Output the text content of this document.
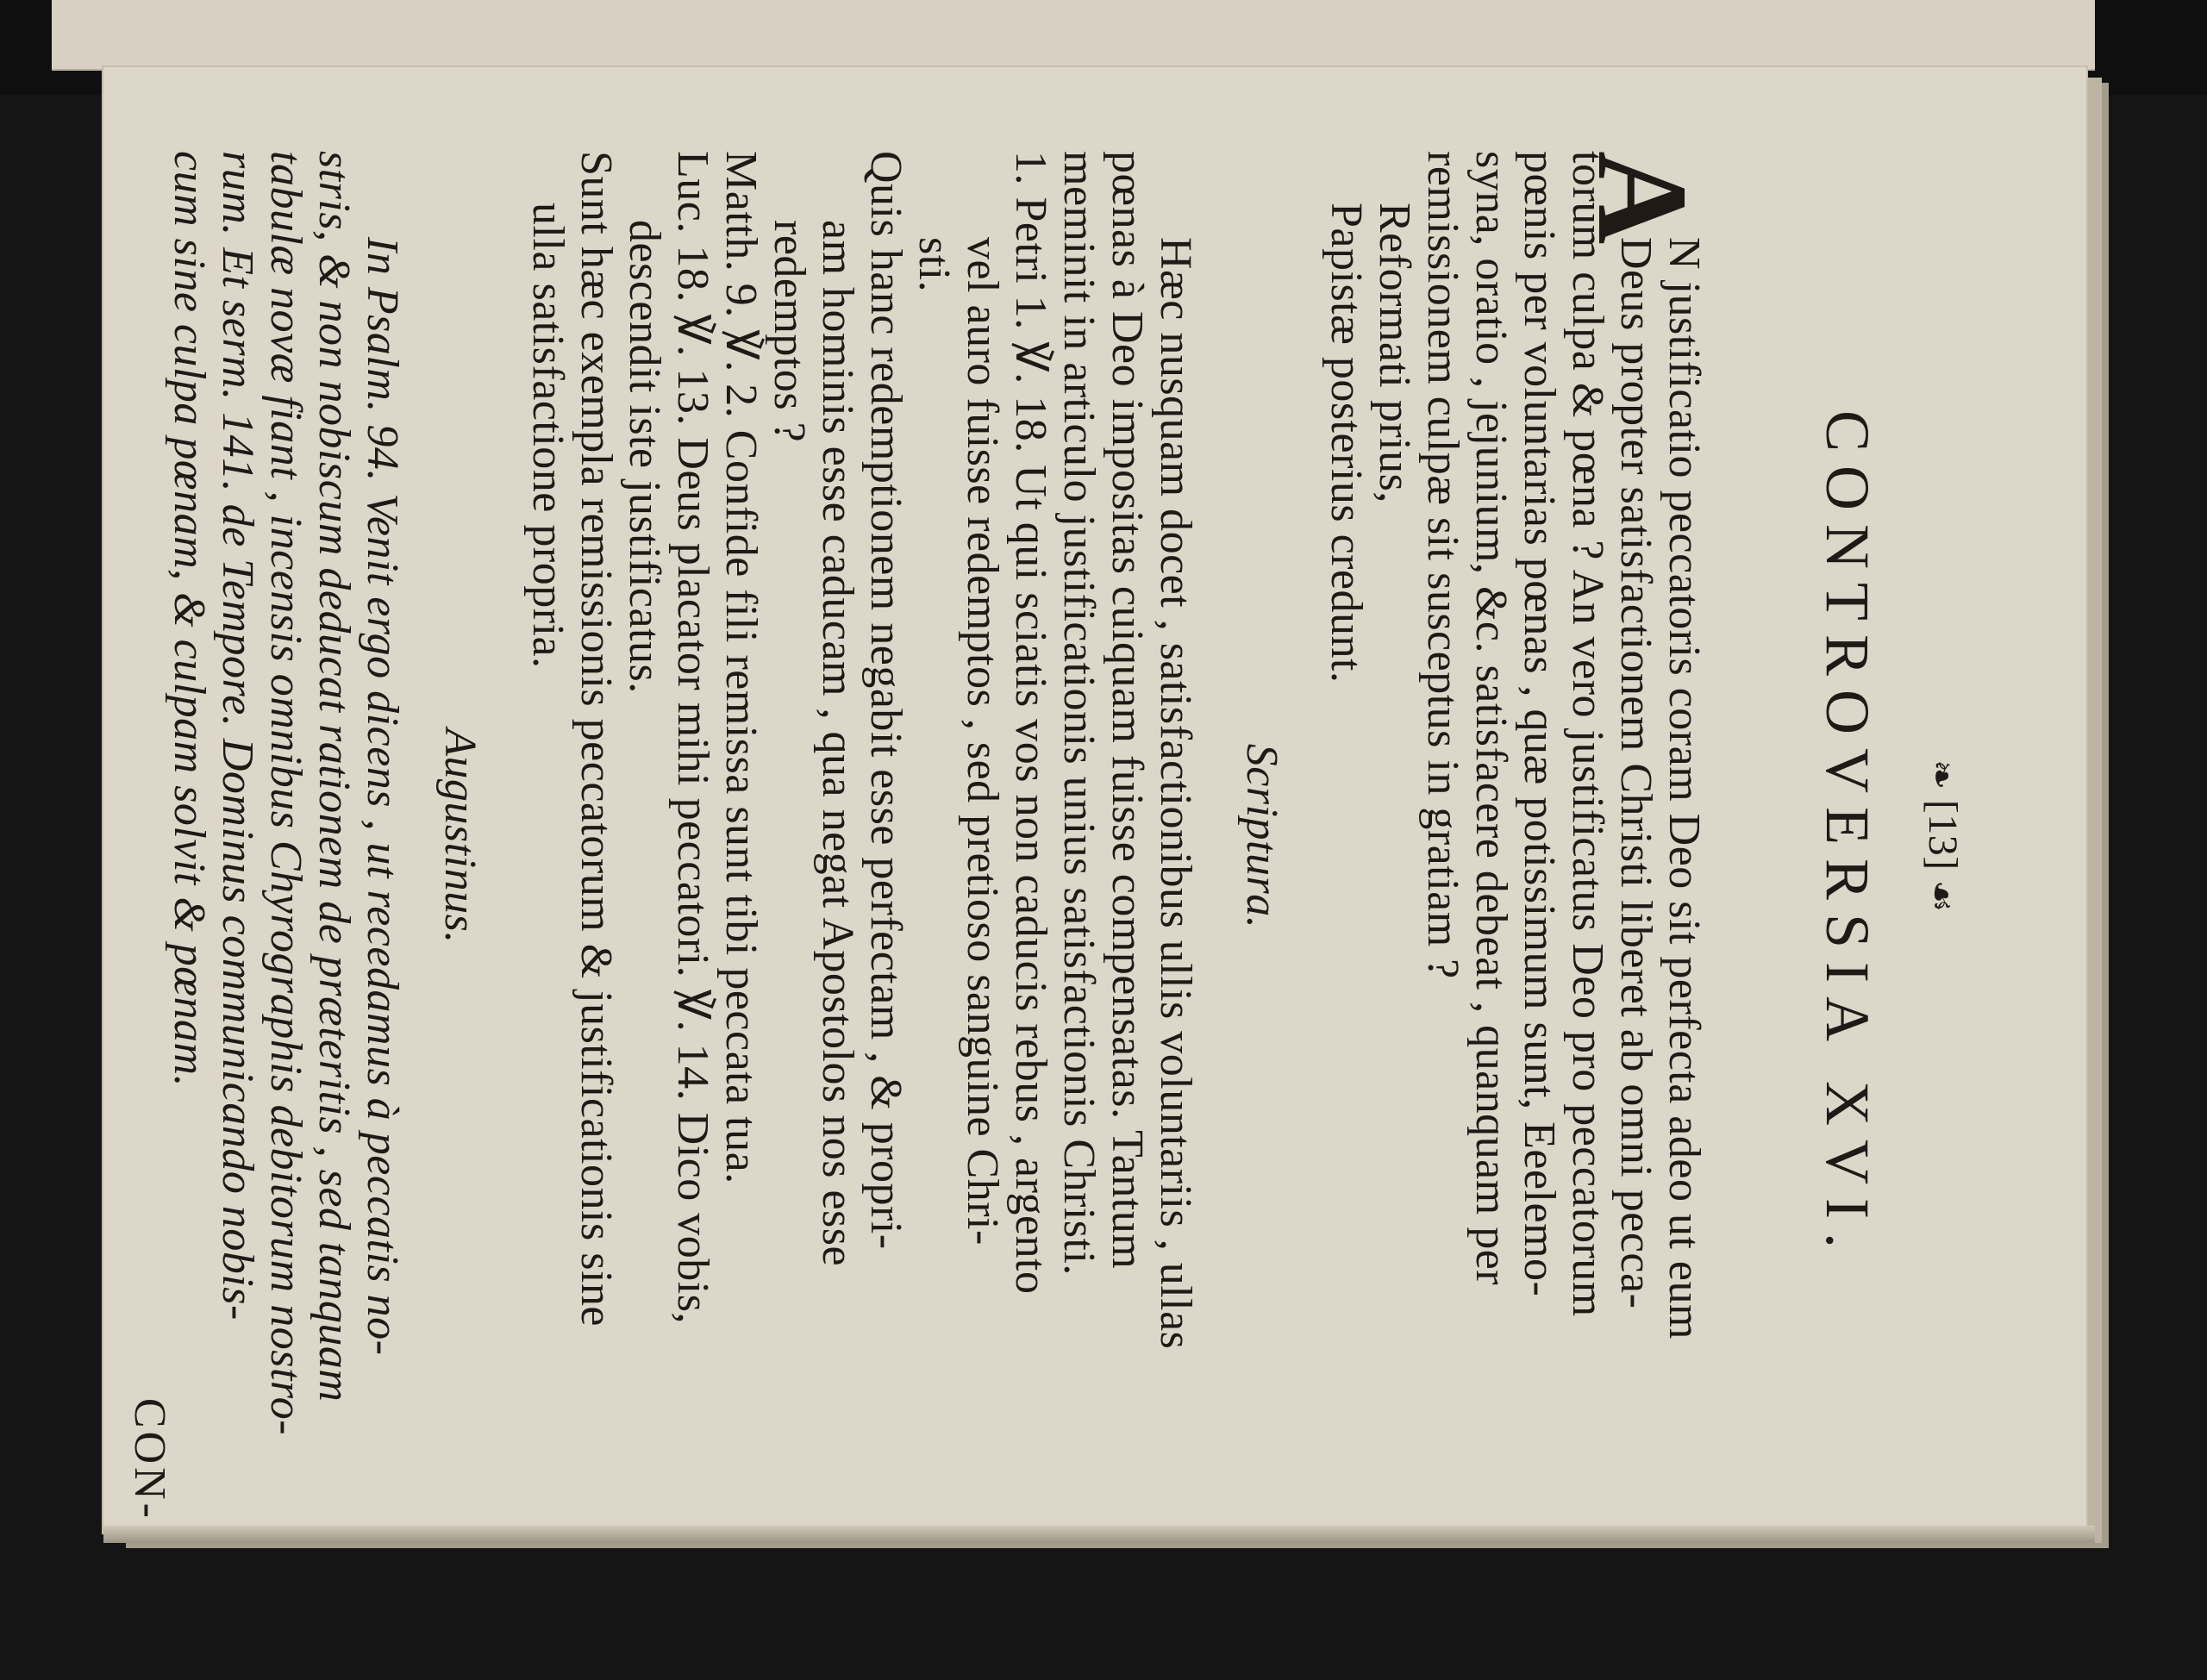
❧ [13] ☙
CONTROVERSIA XVI.
A
N justificatio peccatoris coram Deo sit perfecta adeo ut eum
Deus propter satisfactionem Christi liberet ab omni pecca-
torum culpa & pœna ? An vero justificatus Deo pro peccatorum
pœnis per voluntarias pœnas , quæ potissimum sunt, Eeelemo-
syna, oratio , jejunium, &c. satisfacere debeat , quanquam per
remissionem culpæ sit susceptus in gratiam ?
Reformati prius,
Papistæ posterius credunt.
Scriptura.
Hæc nusquam docet , satisfactionibus ullis voluntariis , ullas
pœnas à Deo impositas cuiquam fuisse compensatas. Tantum
meminit in articulo justificationis unius satisfactionis Christi.
1. Petri 1. ℣. 18. Ut qui sciatis vos non caducis rebus , argento
vel auro fuisse redemptos , sed pretioso sanguine Chri-
sti.
Quis hanc redemptionem negabit esse perfectam , & propri-
am hominis esse caducam , qua negat Apostolos nos esse
redemptos ?
Matth. 9. ℣. 2. Confide fili remissa sunt tibi peccata tua.
Luc. 18. ℣. 13. Deus placator mihi peccatori. ℣. 14. Dico vobis,
descendit iste justificatus.
Sunt hæc exempla remissionis peccatorum & justificationis sine
ulla satisfactione propria.
Augustinus.
In Psalm. 94. Venit ergo dicens , ut recedamus à peccatis no-
stris, & non nobiscum deducat rationem de præteritis , sed tanquam
tabulæ novæ fiant , incensis omnibus Chyrographis debitorum nostro-
rum. Et serm. 141. de Tempore. Dominus communicando nobis-
cum sine culpa pœnam, & culpam solvit & pœnam.
CON-
